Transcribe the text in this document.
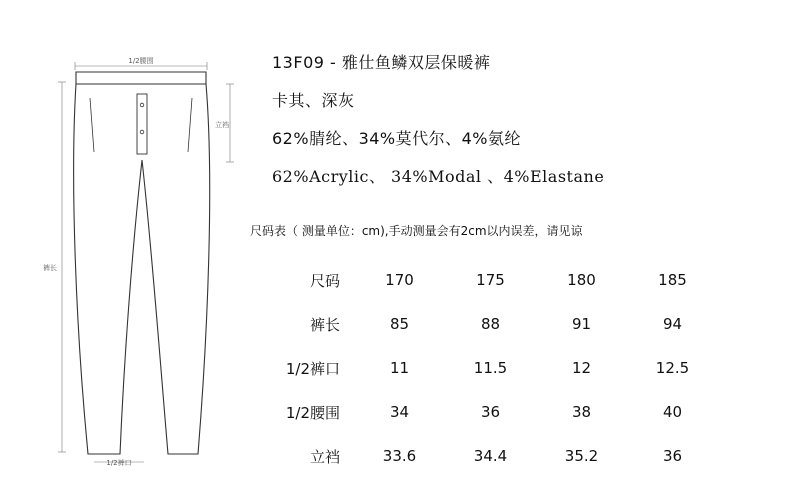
1/2腰围
立裆
裤长
1/2裤口
13F09 - 雅仕鱼鳞双层保暖裤
卡其、深灰
62%腈纶、34%莫代尔、4%氨纶
62%Acrylic、 34%Modal 、4%Elastane
尺码表（ 测量单位：cm),手动测量会有2cm以内误差，请见谅
尺码	170	175	180	185
裤长	85	88	91	94
1/2裤口	11	11.5	12	12.5
1/2腰围	34	36	38	40
立裆	33.6	34.4	35.2	36
